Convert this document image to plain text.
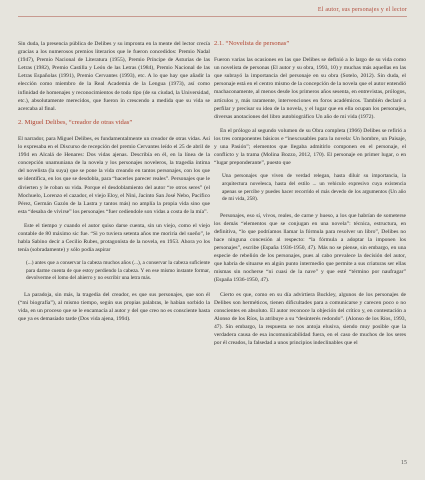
El autor, sus personajes y el lector

Sin duda, la presencia pública de Delibes y su impronta en la mente del lector crecía gracias a los numerosos premios literarios que le fueron concedidos: Premio Nadal (1947), Premio Nacional de Literatura (1955), Premio Príncipe de Asturias de las Letras (1982), Premio Castilla y León de las Letras (1984), Premio Nacional de las Letras Españolas (1991), Premio Cervantes (1993), etc. A lo que hay que añadir la elección como miembro de la Real Academia de la Lengua (1973), así como infinidad de homenajes y reconocimientos de todo tipo (de su ciudad, la Universidad, etc.), absolutamente merecidos, que fueron in crescendo a medida que su vida se acercaba al final.

2. Miguel Delibes, “creador de otras vidas”

El narrador, para Miguel Delibes, es fundamentalmente un creador de otras vidas. Así lo expresaba en el Discurso de recepción del premio Cervantes leído el 25 de abril de 1994 en Alcalá de Henares: Dos vidas ajenas. Describía en él, en la línea de la concepción unamuniana de la novela y los personajes noveleros, la tragedia íntima del novelista (la suya) que se pone la vida creando en tantos personajes, con los que se identifica, en los que se desdobla, para “hacerles parecer reales”. Personajes que le divierten y le roban su vida. Porque el desdoblamiento del autor “re otros seres” (el Mochuelo, Lorenzo el cazador, el viejo Eloy, el Nini, Jacinto San José Nebo, Pacífico Pérez, Germán Gazón de la Lastra y tantos más) no amplía la propia vida sino que esta “desaba de vivirse” los personajes “fuer cediendole son vidas a costa de la mía”.

Este el tiempo y cuando el autor quiso darse cuenta, sin un viejo, como el viejo contable de 80 máximo sic fue. “Si yo tuviera setenta años me moriría del sueño”, le habla Sabino decir a Cecilio Rubes, protagonista de la novela, en 1953. Ahora yo los tenía (sobradamente) y sólo podía aspirar

(...) antes que a conservar la cabeza muchos años (...), a conservar la cabeza suficiente para darme cuenta de que estoy perdiendo la cabeza. Y en ese mismo instante formar, devolverme el lomo del ahierro y no escribir una letra más.

La paradoja, sin más, la tragedia del creador, es que sus personajes, que son él (“mi biografía”), al mismo tiempo, según sus propias palabras, le habían sorbido la vida, en un proceso que se le encamacía al autor y del que creo no es consciente hasta que ya es demasiado tarde (Dos vida ajena, 1994).

2.1. “Novelista de personas”

Fueron varias las ocasiones en las que Delibes se definió a lo largo de su vida como un novelista de personas (El autor y su obra, 1993, 10) y muchas más aquellas en las que subrayó la importancia del personaje en su obra (Sotelo, 2012). Sin duda, el personaje está en el centro mismo de la concepción de la novela que el autor entendió machaconamente, al menos desde los primeros años sesenta, en entrevistas, prólogos, artículos y, más raramente, intervenciones en foros académicos. También declaró a perfilar y precisar su idea de la novela, y el lugar que en ella ocupan los personajes, diversas anotaciones del libro autobiográfico Un año de mi vida (1972).

En el prólogo al segundo volumen de su Obra completa (1966) Delibes se refirió a los tres componentes básicos e “inexcusables para la novela: Un hombre, un Paisaje, y una Pasión”; elementos que llegaba admitirlo componen en el personaje, el conflicto y la trama (Molina Bozzo, 2012, 170). El personaje en primer lugar, o en “lugar preponderante”, puesto que

Una personajes que viven de verdad relegan, hasta diluir su importancia, la arquitectura novelesca, hasta del estilo ... un vehiculo expresivo cuya existencia apenas se percibe y puedes hacer recorrido el más devedo de los argumentos (Un año de mi vida, 258).

Personajes, eso sí, vivos, reales, de carne y hueso, a los que habrían de someterse los demás “elementos que se conjugan en una novela”: técnica, estructura, en definitiva, “lo que podríamos llamar la fórmula para resolver un libro”, Delibes no hace ninguna concesión al respecto: “la fórmula a adoptar la imponen los personajes”, escribe (España 1936-1950, 47). Más no se piense, sin embargo, en una especie de rebelión de los personajes, pues al cabo prevalece la decisión del autor, que habría de situarse en algún punto intermedio que permite a sus criaturas ser ellas mismas sin nocherse “ni cuasi de la nave” y que esté “término por naufragar” (España 1936-1950, 47).

Cierto es que, como en su día advirtiera Buckley, algunos de los personajes de Delibes son herméticos, tienen dificultades para a comunicarse y carecen poco o no conscientes en absoluto. El autor reconoce la objeción del crítico y, en contestación a Alonso de los Ríos, la atribuye a su “desinterés redondo”. (Alonso de los Ríos, 1993, 47). Sin embargo, la respuesta se nos antoja elusiva, siendo muy posible que la verdadera causa de esa incomunicabilidad fuera, en el caso de muchos de los seres por él creados, la falsedad a unos principios indeclinables que el

15
